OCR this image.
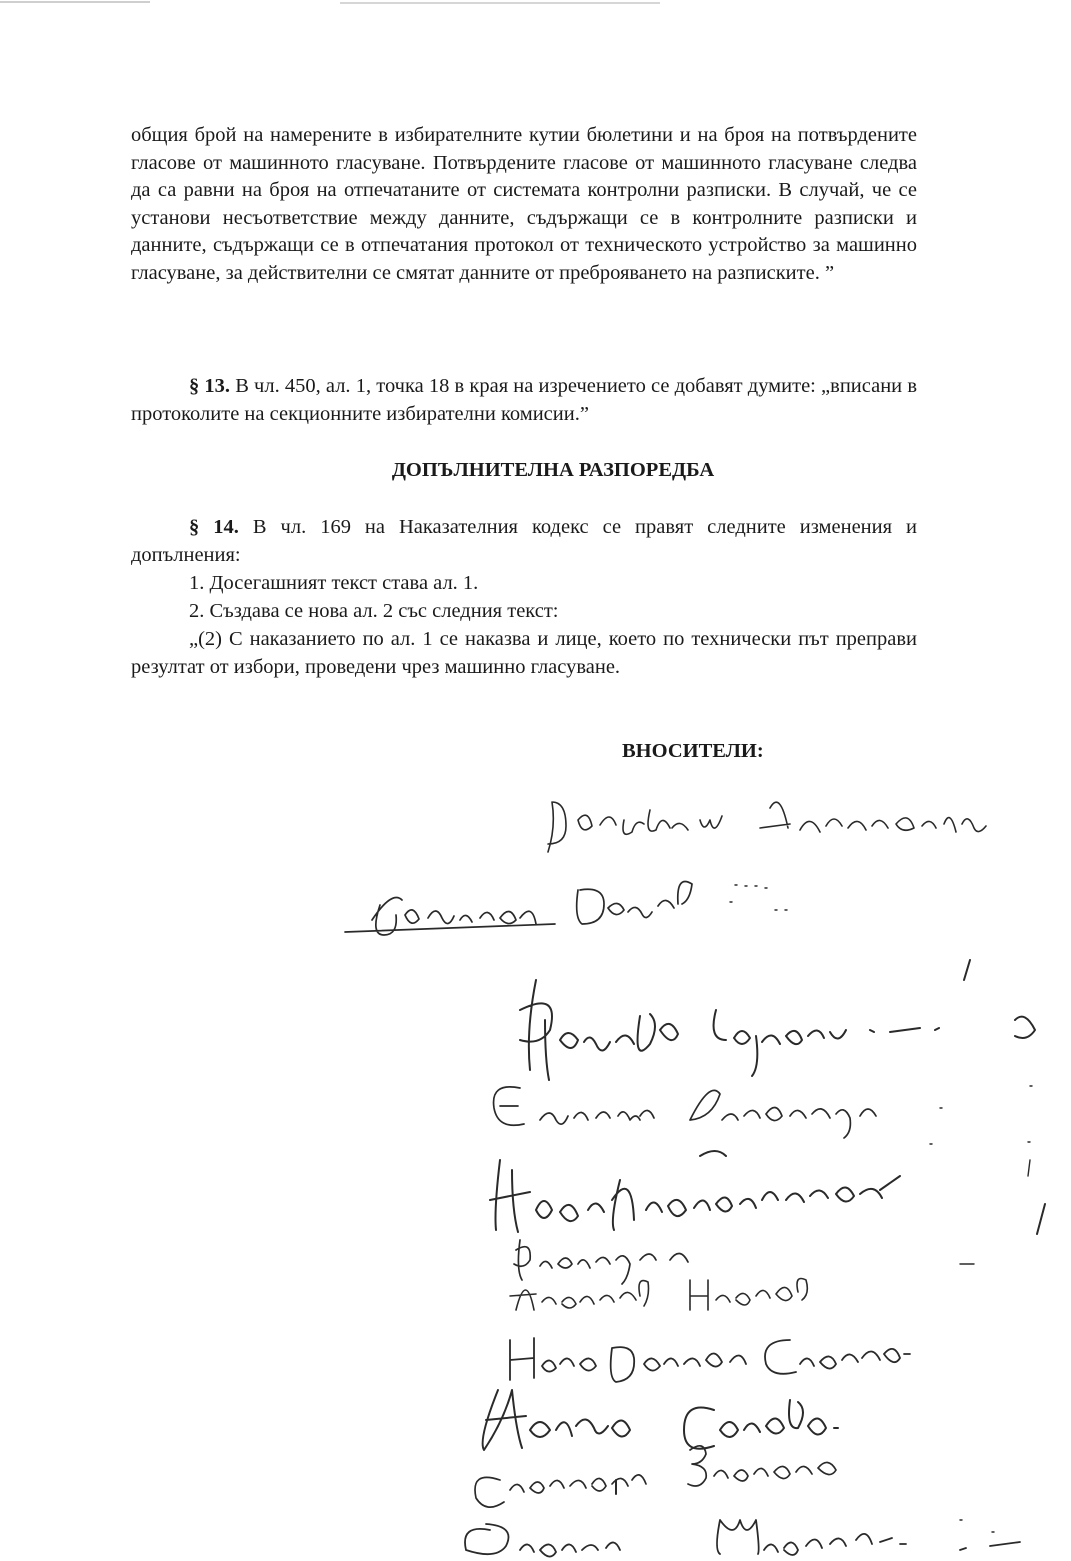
общия брой на намерените в избирателните кутии бюлетини и на броя на потвърдените гласове от машинното гласуване. Потвърдените гласове от машинното гласуване следва да са равни на броя на отпечатаните от системата контролни разписки. В случай, че се установи несъответствие между данните, съдържащи се в контролните разписки и данните, съдържащи се в отпечатания протокол от техническото устройство за машинно гласуване, за действителни се смятат данните от преброяването на разписките. ”
§ 13. В чл. 450, ал. 1, точка 18 в края на изречението се добавят думите: „вписани в протоколите на секционните избирателни комисии.”
ДОПЪЛНИТЕЛНА РАЗПОРЕДБА
§ 14. В чл. 169 на Наказателния кодекс се правят следните изменения и допълнения:
1. Досегашният текст става ал. 1.
2. Създава се нова ал. 2 със следния текст:
„(2) С наказанието по ал. 1 се наказва и лице, което по технически път преправи резултат от избори, проведени чрез машинно гласуване.
ВНОСИТЕЛИ:
